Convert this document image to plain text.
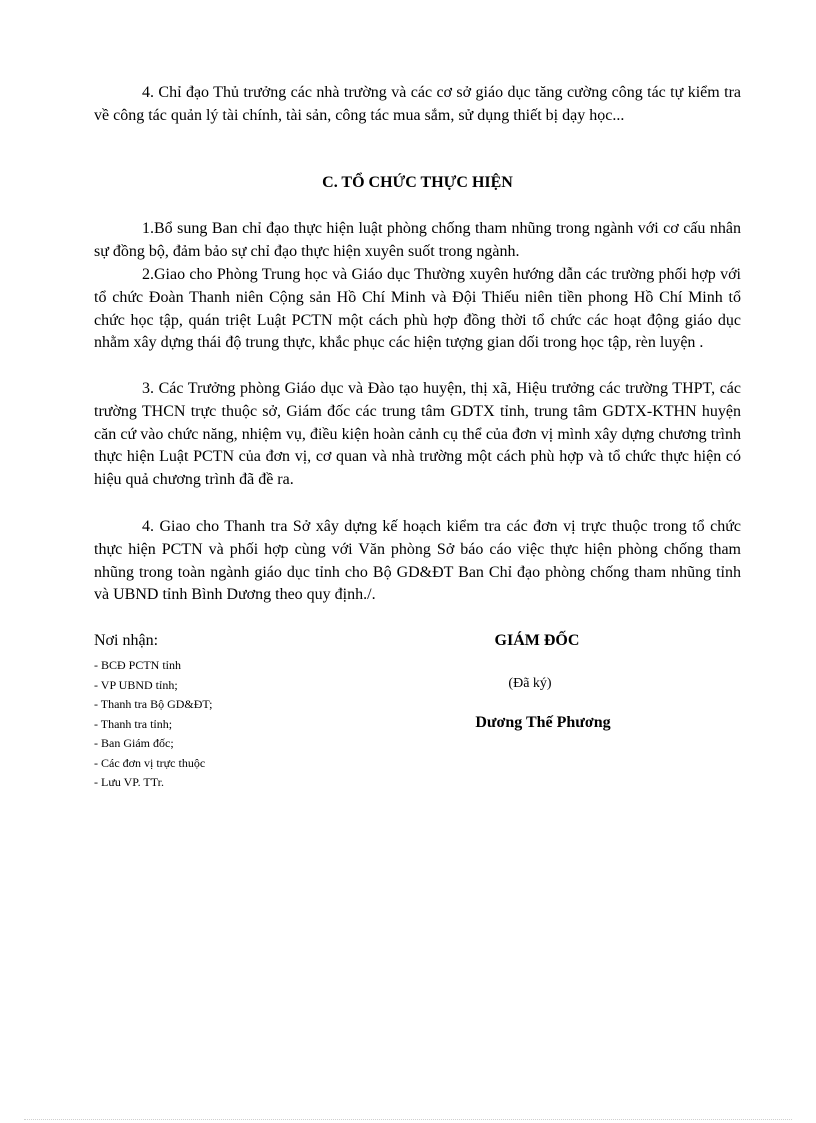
4. Chỉ đạo Thủ trưởng các nhà trường và các cơ sở giáo dục tăng cường công tác tự kiểm tra về công tác quản lý tài chính, tài sản, công tác mua sắm, sử dụng thiết bị dạy học...

C. TỔ CHỨC THỰC HIỆN

1.Bổ sung Ban chỉ đạo thực hiện luật phòng chống tham nhũng trong ngành với cơ cấu nhân sự đồng bộ, đảm bảo sự chỉ đạo thực hiện xuyên suốt trong ngành.

2.Giao cho Phòng Trung học và Giáo dục Thường xuyên hướng dẫn các trường phối hợp với tổ chức Đoàn Thanh niên Cộng sản Hồ Chí Minh và Đội Thiếu niên tiền phong Hồ Chí Minh tổ chức học tập, quán triệt Luật PCTN một cách phù hợp đồng thời tổ chức các hoạt động giáo dục nhằm xây dựng thái độ trung thực, khắc phục các hiện tượng gian dối trong học tập, rèn luyện .

3. Các Trưởng phòng Giáo dục và Đào tạo huyện, thị xã, Hiệu trưởng các trường THPT, các trường THCN trực thuộc sở, Giám đốc các trung tâm GDTX tỉnh, trung tâm GDTX-KTHN huyện căn cứ vào chức năng, nhiệm vụ, điều kiện hoàn cảnh cụ thể của đơn vị mình xây dựng chương trình thực hiện Luật PCTN của đơn vị, cơ quan và nhà trường một cách phù hợp và tổ chức thực hiện có hiệu quả chương trình đã đề ra.

4. Giao cho Thanh tra Sở xây dựng kế hoạch kiểm tra các đơn vị trực thuộc trong tổ chức thực hiện PCTN và phối hợp cùng với Văn phòng Sở báo cáo việc thực hiện phòng chống tham nhũng trong toàn ngành giáo dục tỉnh cho Bộ GD&ĐT Ban Chỉ đạo phòng chống tham nhũng tỉnh và UBND tỉnh Bình Dương theo quy định./.

Nơi nhận:

- BCĐ PCTN tỉnh
- VP UBND tỉnh;
- Thanh tra Bộ GD&ĐT;
- Thanh tra tỉnh;
- Ban Giám đốc;
- Các đơn vị trực thuộc
- Lưu VP. TTr.

GIÁM ĐỐC

(Đã ký)

Dương Thế Phương
